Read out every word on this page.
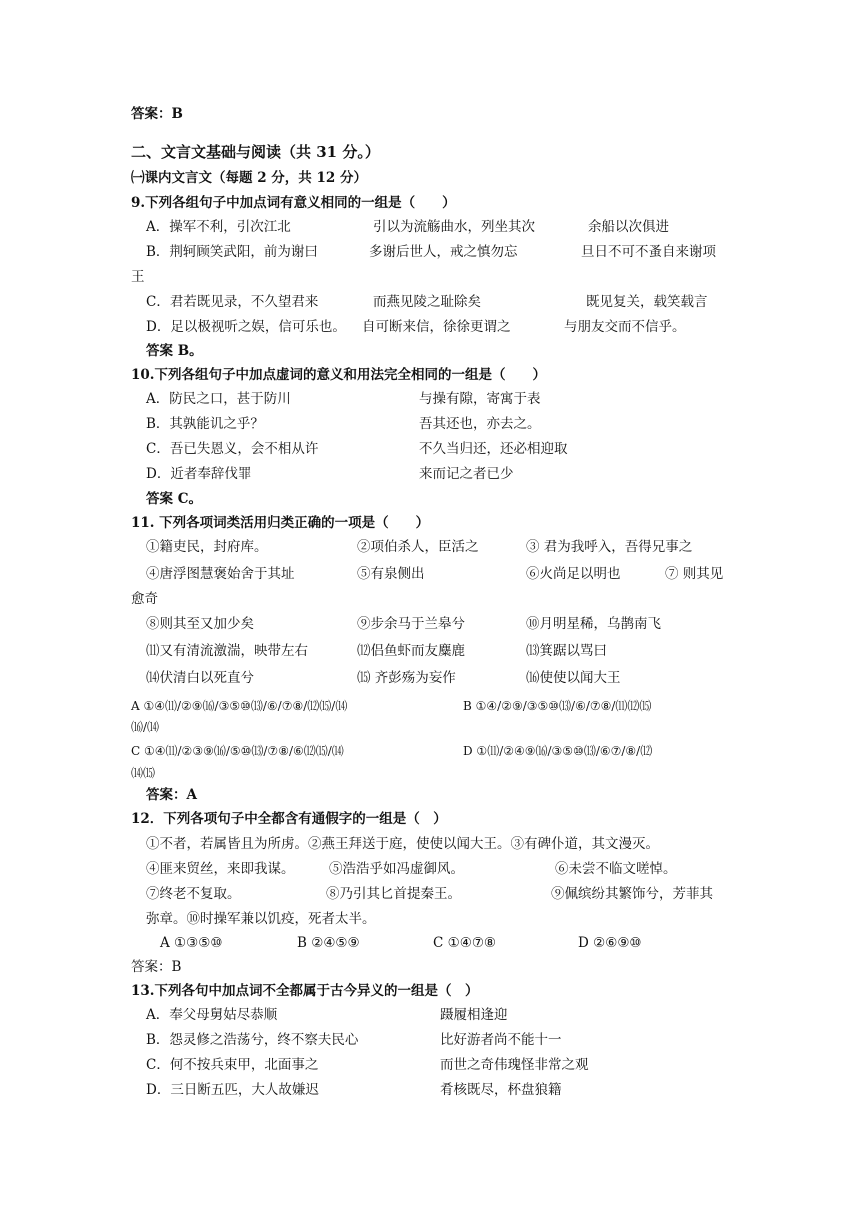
答案：B
二、文言文基础与阅读（共 31 分。）
㈠课内文言文（每题 2 分，共 12 分）
9.下列各组句子中加点词有意义相同的一组是（　　）
A．操军不利，引次江北	引以为流觞曲水，列坐其次	余船以次俱进
B．荆轲顾笑武阳，前为谢曰	多谢后世人，戒之慎勿忘	旦日不可不蚤自来谢项
王
C．君若既见录，不久望君来	而燕见陵之耻除矣	既见复关，载笑载言
D．足以极视听之娱，信可乐也。 自可断来信，徐徐更谓之	与朋友交而不信乎。
答案 B。
10.下列各组句子中加点虚词的意义和用法完全相同的一组是（　　）
A．防民之口，甚于防川	与操有隙，寄寓于表
B．其孰能讥之乎？	吾其还也，亦去之。
C．吾已失恩义，会不相从许	不久当归还，还必相迎取
D．近者奉辞伐罪	来而记之者已少
答案 C。
11. 下列各项词类活用归类正确的一项是（　　）
①籍吏民，封府库。	②项伯杀人，臣活之	③ 君为我呼入，吾得兄事之
④唐浮图慧褒始舍于其址	⑤有泉侧出	⑥火尚足以明也	⑦ 则其见
愈奇
⑧则其至又加少矣	⑨步余马于兰皋兮	⑩月明星稀，乌鹊南飞
⑾又有清流激湍，映带左右	⑿侣鱼虾而友麋鹿	⒀箕踞以骂曰
⒁伏清白以死直兮	⒂ 齐彭殇为妄作	⒃使使以闻大王
A ①④⑾/②⑨⒃/③⑤⑩⒀/⑥/⑦⑧/⑿⒂/⒁	B ①④/②⑨/③⑤⑩⒀/⑥/⑦⑧/⑾⑿⒂
⒃/⒁
C ①④⑾/②③⑨⒃/⑤⑩⒀/⑦⑧/⑥⑿⒂/⒁	D ①⑾/②④⑨⒃/③⑤⑩⒀/⑥⑦/⑧/⑿
⒁⒂
答案：A
12．下列各项句子中全都含有通假字的一组是（　）
①不者，若属皆且为所虏。②燕王拜送于庭，使使以闻大王。③有碑仆道，其文漫灭。
④匪来贸丝，来即我谋。	⑤浩浩乎如冯虚御风。	⑥未尝不临文嗟悼。
⑦终老不复取。	⑧乃引其匕首提秦王。	⑨佩缤纷其繁饰兮，芳菲其
弥章。⑩时操军兼以饥疫，死者太半。
A ①③⑤⑩	B ②④⑤⑨	C ①④⑦⑧	D ②⑥⑨⑩
答案：B
13.下列各句中加点词不全都属于古今异义的一组是（　）
A．奉父母舅姑尽恭顺	蹑履相逢迎
B．怨灵修之浩荡兮，终不察夫民心	比好游者尚不能十一
C．何不按兵束甲，北面事之	而世之奇伟瑰怪非常之观
D．三日断五匹，大人故嫌迟	肴核既尽，杯盘狼籍
